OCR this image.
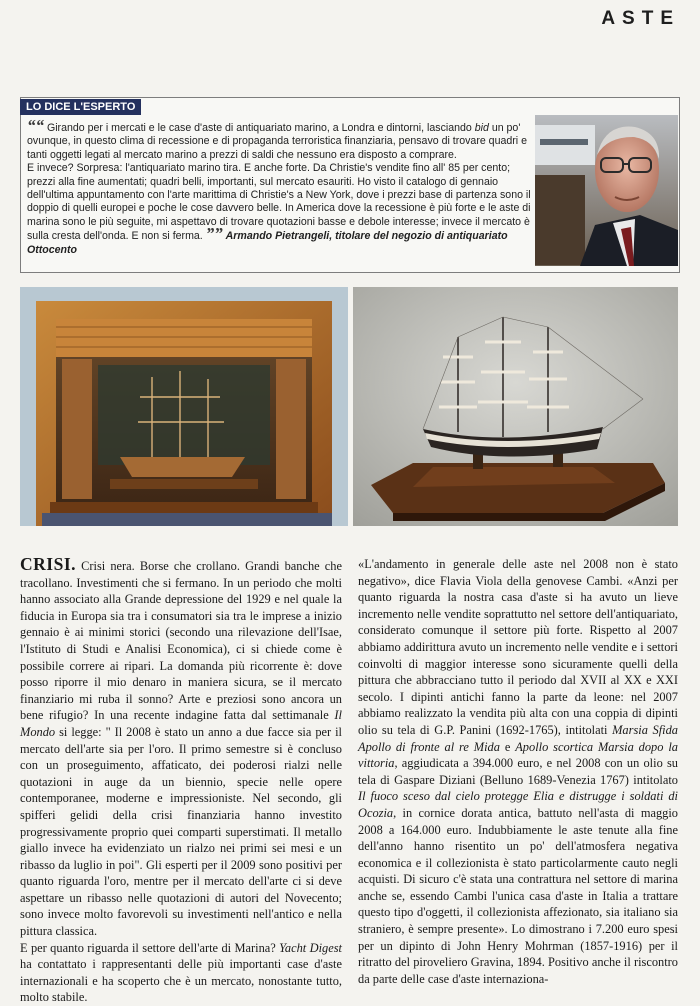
ASTE
LO DICE L'ESPERTO
““ Girando per i mercati e le case d'aste di antiquariato marino, a Londra e dintorni, lasciando bid un po' ovunque, in questo clima di recessione e di propaganda terroristica finanziaria, pensavo di trovare quadri e tanti oggetti legati al mercato marino a prezzi di saldi che nessuno era disposto a comprare.
E invece? Sorpresa: l'antiquariato marino tira. E anche forte. Da Christie's vendite fino all' 85 per cento; prezzi alla fine aumentati; quadri belli, importanti, sul mercato esauriti. Ho visto il catalogo di gennaio dell'ultima appuntamento con l'arte marittima di Christie's a New York, dove i prezzi base di partenza sono il doppio di quelli europei e poche le cose davvero belle. In America dove la recessione è più forte e le aste di marina sono le più seguite, mi aspettavo di trovare quotazioni basse e debole interesse; invece il mercato è sulla cresta dell'onda. E non si ferma. ”” Armando Pietrangeli, titolare del negozio di antiquariato Ottocento
CRISI. Crisi nera. Borse che crollano. Grandi banche che tracollano. Investimenti che si fermano. In un periodo che molti hanno associato alla Grande depressione del 1929 e nel quale la fiducia in Europa sia tra i consumatori sia tra le imprese a inizio gennaio è ai minimi storici (secondo una rilevazione dell'Isae, l'Istituto di Studi e Analisi Economica), ci si chiede come è possibile correre ai ripari. La domanda più ricorrente è: dove posso riporre il mio denaro in maniera sicura, se il mercato finanziario mi ruba il sonno? Arte e preziosi sono ancora un bene rifugio? In una recente indagine fatta dal settimanale Il Mondo si legge: " Il 2008 è stato un anno a due facce sia per il mercato dell'arte sia per l'oro. Il primo semestre si è concluso con un proseguimento, affaticato, dei poderosi rialzi nelle quotazioni in auge da un biennio, specie nelle opere contemporanee, moderne e impressioniste. Nel secondo, gli spifferi gelidi della crisi finanziaria hanno investito progressivamente proprio quei comparti superstimati. Il metallo giallo invece ha evidenziato un rialzo nei primi sei mesi e un ribasso da luglio in poi". Gli esperti per il 2009 sono positivi per quanto riguarda l'oro, mentre per il mercato dell'arte ci si deve aspettare un ribasso nelle quotazioni di autori del Novecento; sono invece molto favorevoli su investimenti nell'antico e nella pittura classica.
E per quanto riguarda il settore dell'arte di Marina? Yacht Digest ha contattato i rappresentanti delle più importanti case d'aste internazionali e ha scoperto che è un mercato, nonostante tutto, molto stabile.
«L'andamento in generale delle aste nel 2008 non è stato negativo», dice Flavia Viola della genovese Cambi. «Anzi per quanto riguarda la nostra casa d'aste si ha avuto un lieve incremento nelle vendite soprattutto nel settore dell'antiquariato, considerato comunque il settore più forte. Rispetto al 2007 abbiamo addirittura avuto un incremento nelle vendite e i settori coinvolti di maggior interesse sono sicuramente quelli della pittura che abbracciano tutto il periodo dal XVII al XX e XXI secolo. I dipinti antichi fanno la parte da leone: nel 2007 abbiamo realizzato la vendita più alta con una coppia di dipinti olio su tela di G.P. Panini (1692-1765), intitolati Marsia Sfida Apollo di fronte al re Mida e Apollo scortica Marsia dopo la vittoria, aggiudicata a 394.000 euro, e nel 2008 con un olio su tela di Gaspare Diziani (Belluno 1689-Venezia 1767) intitolato Il fuoco sceso dal cielo protegge Elia e distrugge i soldati di Ocozia, in cornice dorata antica, battuto nell'asta di maggio 2008 a 164.000 euro. Indubbiamente le aste tenute alla fine dell'anno hanno risentito un po' dell'atmosfera negativa economica e il collezionista è stato particolarmente cauto negli acquisti. Di sicuro c'è stata una contrattura nel settore di marina anche se, essendo Cambi l'unica casa d'aste in Italia a trattare questo tipo d'oggetti, il collezionista affezionato, sia italiano sia straniero, è sempre presente». Lo dimostrano i 7.200 euro spesi per un dipinto di John Henry Mohrman (1857-1916) per il ritratto del piroveliero Gravina, 1894. Positivo anche il riscontro da parte delle case d'aste internaziona-
